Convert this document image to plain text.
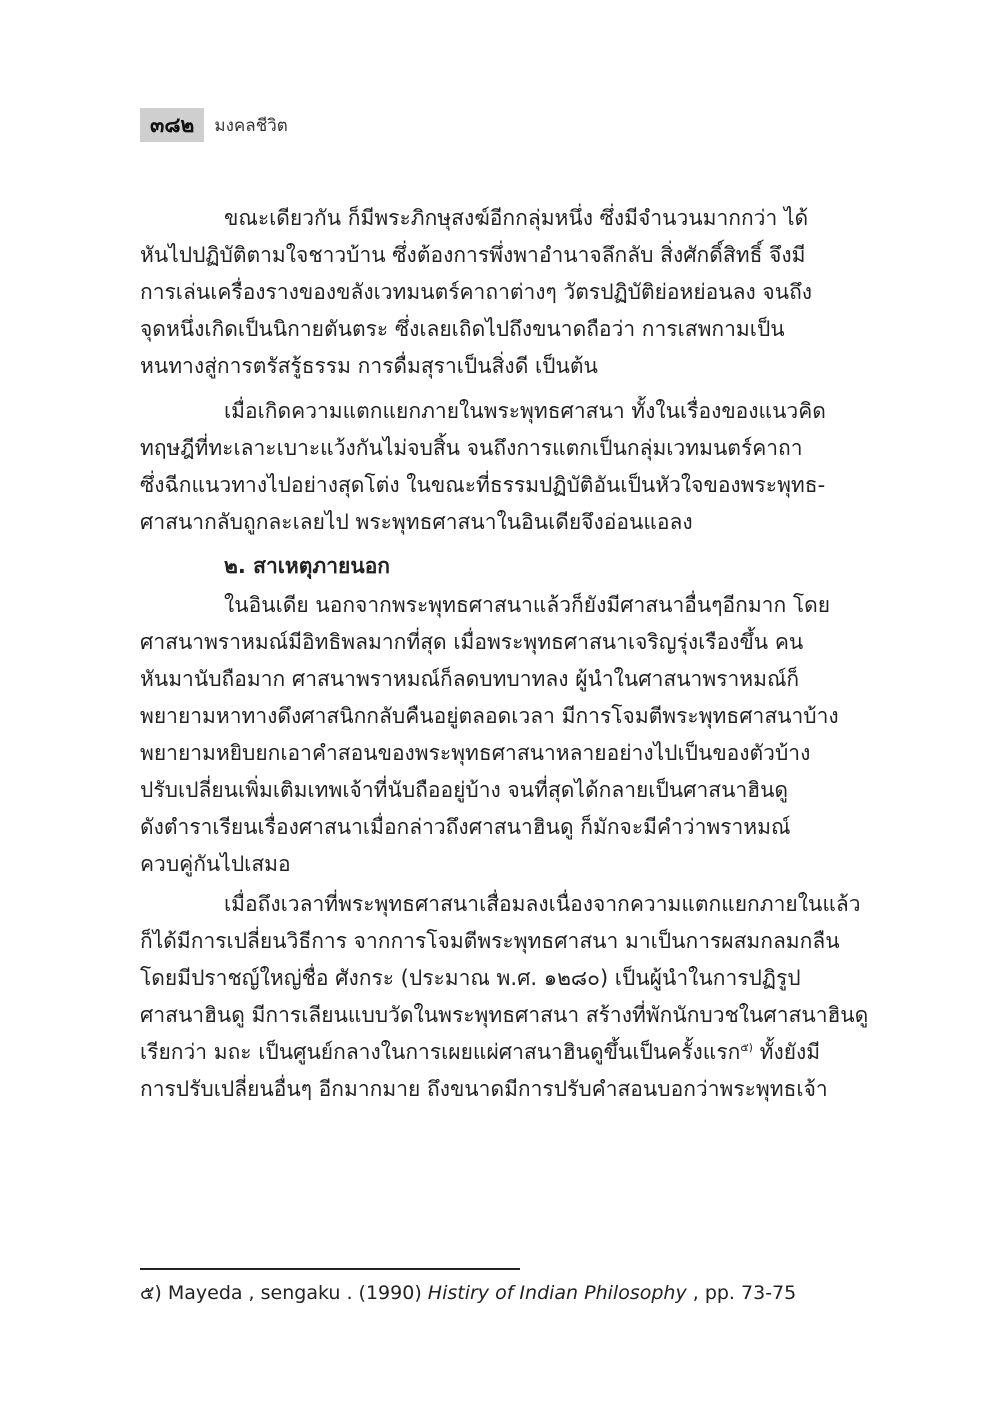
๓๘๒	มงคลชีวิต
ขณะเดียวกัน ก็มีพระภิกษุสงฆ์อีกกลุ่มหนึ่ง ซึ่งมีจำนวนมากกว่า ได้
หันไปปฏิบัติตามใจชาวบ้าน ซึ่งต้องการพึ่งพาอำนาจลึกลับ สิ่งศักดิ์สิทธิ์ จึงมี
การเล่นเครื่องรางของขลังเวทมนตร์คาถาต่างๆ วัตรปฏิบัติย่อหย่อนลง จนถึง
จุดหนึ่งเกิดเป็นนิกายตันตระ ซึ่งเลยเถิดไปถึงขนาดถือว่า การเสพกามเป็น
หนทางสู่การตรัสรู้ธรรม การดื่มสุราเป็นสิ่งดี เป็นต้น
เมื่อเกิดความแตกแยกภายในพระพุทธศาสนา ทั้งในเรื่องของแนวคิด
ทฤษฎีที่ทะเลาะเบาะแว้งกันไม่จบสิ้น จนถึงการแตกเป็นกลุ่มเวทมนตร์คาถา
ซึ่งฉีกแนวทางไปอย่างสุดโต่ง ในขณะที่ธรรมปฏิบัติอันเป็นหัวใจของพระพุทธ-
ศาสนากลับถูกละเลยไป พระพุทธศาสนาในอินเดียจึงอ่อนแอลง
๒. สาเหตุภายนอก
ในอินเดีย นอกจากพระพุทธศาสนาแล้วก็ยังมีศาสนาอื่นๆอีกมาก โดย
ศาสนาพราหมณ์มีอิทธิพลมากที่สุด เมื่อพระพุทธศาสนาเจริญรุ่งเรืองขึ้น คน
หันมานับถือมาก ศาสนาพราหมณ์ก็ลดบทบาทลง ผู้นำในศาสนาพราหมณ์ก็
พยายามหาทางดึงศาสนิกกลับคืนอยู่ตลอดเวลา มีการโจมตีพระพุทธศาสนาบ้าง
พยายามหยิบยกเอาคำสอนของพระพุทธศาสนาหลายอย่างไปเป็นของตัวบ้าง
ปรับเปลี่ยนเพิ่มเติมเทพเจ้าที่นับถืออยู่บ้าง จนที่สุดได้กลายเป็นศาสนาฮินดู
ดังตำราเรียนเรื่องศาสนาเมื่อกล่าวถึงศาสนาฮินดู ก็มักจะมีคำว่าพราหมณ์
ควบคู่กันไปเสมอ
เมื่อถึงเวลาที่พระพุทธศาสนาเสื่อมลงเนื่องจากความแตกแยกภายในแล้ว
ก็ได้มีการเปลี่ยนวิธีการ จากการโจมตีพระพุทธศาสนา มาเป็นการผสมกลมกลืน
โดยมีปราชญ์ใหญ่ชื่อ ศังกระ (ประมาณ พ.ศ. ๑๒๘๐) เป็นผู้นำในการปฏิรูป
ศาสนาฮินดู มีการเลียนแบบวัดในพระพุทธศาสนา สร้างที่พักนักบวชในศาสนาฮินดู
เรียกว่า มถะ เป็นศูนย์กลางในการเผยแผ่ศาสนาฮินดูขึ้นเป็นครั้งแรก$^{๕)}$ ทั้งยังมี
การปรับเปลี่ยนอื่นๆ อีกมากมาย ถึงขนาดมีการปรับคำสอนบอกว่าพระพุทธเจ้า
๕) Mayeda , sengaku . (1990) Histiry of Indian Philosophy , pp. 73-75
